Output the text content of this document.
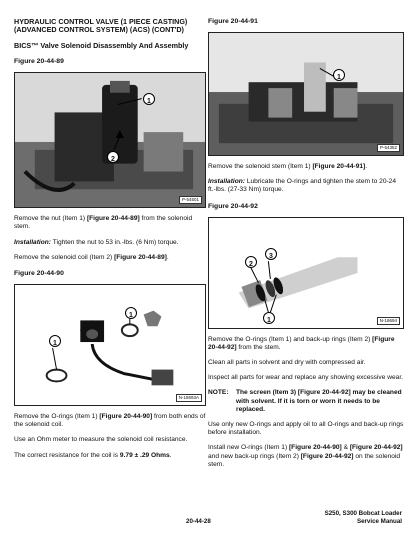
HYDRAULIC CONTROL VALVE (1 PIECE CASTING) (ADVANCED CONTROL SYSTEM) (ACS) (CONT'D)
BICS™ Valve Solenoid Disassembly And Assembly
Figure 20-44-89
1
2
P-54501

Remove the nut (Item 1) [Figure 20-44-89] from the solenoid stem.

Installation: Tighten the nut to 53 in.-lbs. (6 Nm) torque.

Remove the solenoid coil (Item 2) [Figure 20-44-89].

Figure 20-44-90
1
1
N-18693A

Remove the O-rings (Item 1) [Figure 20-44-90] from both ends of the solenoid coil.

Use an Ohm meter to measure the solenoid coil resistance.

The correct resistance for the coil is 9.79 ± .29 Ohms.

Figure 20-44-91
1
P-54352

Remove the solenoid stem (Item 1) [Figure 20-44-91].

Installation: Lubricate the O-rings and tighten the stem to 20-24 ft.-lbs. (27-33 Nm) torque.

Figure 20-44-92
3
2
1	N-18694

Remove the O-rings (Item 1) and back-up rings (Item 2) [Figure 20-44-92] from the stem.

Clean all parts in solvent and dry with compressed air.

Inspect all parts for wear and replace any showing excessive wear.

NOTE:	The screen (Item 3) [Figure 20-44-92] may be cleaned with solvent. If it is torn or worn it needs to be replaced.

Use only new O-rings and apply oil to all O-rings and back-up rings before installation.

Install new O-rings (Item 1) [Figure 20-44-90] & [Figure 20-44-92] and new back-up rings (Item 2) [Figure 20-44-92] on the solenoid stem.

20-44-28
S250, S300 Bobcat Loader
Service Manual
